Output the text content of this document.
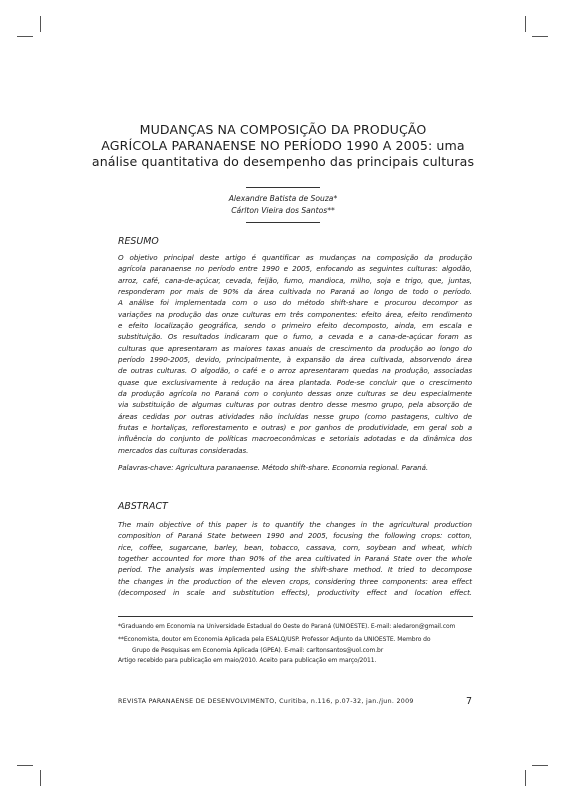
MUDANÇAS NA COMPOSIÇÃO DA PRODUÇÃO
AGRÍCOLA PARANAENSE NO PERÍODO 1990 A 2005: uma
análise quantitativa do desempenho das principais culturas
Alexandre Batista de Souza*
Cárlton Vieira dos Santos**
RESUMO
O objetivo principal deste artigo é quantificar as mudanças na composição da produção
agrícola paranaense no período entre 1990 e 2005, enfocando as seguintes culturas: algodão,
arroz, café, cana-de-açúcar, cevada, feijão, fumo, mandioca, milho, soja e trigo, que, juntas,
responderam por mais de 90% da área cultivada no Paraná ao longo de todo o período.
A análise foi implementada com o uso do método shift-share e procurou decompor as
variações na produção das onze culturas em três componentes: efeito área, efeito rendimento
e efeito localização geográfica, sendo o primeiro efeito decomposto, ainda, em escala e
substituição. Os resultados indicaram que o fumo, a cevada e a cana-de-açúcar foram as
culturas que apresentaram as maiores taxas anuais de crescimento da produção ao longo do
período 1990-2005, devido, principalmente, à expansão da área cultivada, absorvendo área
de outras culturas. O algodão, o café e o arroz apresentaram quedas na produção, associadas
quase que exclusivamente à redução na área plantada. Pode-se concluir que o crescimento
da produção agrícola no Paraná com o conjunto dessas onze culturas se deu especialmente
via substituição de algumas culturas por outras dentro desse mesmo grupo, pela absorção de
áreas cedidas por outras atividades não incluídas nesse grupo (como pastagens, cultivo de
frutas e hortaliças, reflorestamento e outras) e por ganhos de produtividade, em geral sob a
influência do conjunto de políticas macroeconômicas e setoriais adotadas e da dinâmica dos
mercados das culturas consideradas.
Palavras-chave: Agricultura paranaense. Método shift-share. Economia regional. Paraná.
ABSTRACT
The main objective of this paper is to quantify the changes in the agricultural production
composition of Paraná State between 1990 and 2005, focusing the following crops: cotton,
rice, coffee, sugarcane, barley, bean, tobacco, cassava, corn, soybean and wheat, which
together accounted for more than 90% of the area cultivated in Paraná State over the whole
period. The analysis was implemented using the shift-share method. It tried to decompose
the changes in the production of the eleven crops, considering three components: area effect
(decomposed in scale and substitution effects), productivity effect and location effect.
*Graduando em Economia na Universidade Estadual do Oeste do Paraná (UNIOESTE). E-mail: aledaron@gmail.com
**Economista, doutor em Economia Aplicada pela ESALQ/USP. Professor Adjunto da UNIOESTE. Membro do
Grupo de Pesquisas em Economia Aplicada (GPEA). E-mail: carltonsantos@uol.com.br
Artigo recebido para publicação em maio/2010. Aceito para publicação em março/2011.
REVISTA PARANAENSE DE DESENVOLVIMENTO, Curitiba, n.116, p.07-32, jan./jun. 2009	7
